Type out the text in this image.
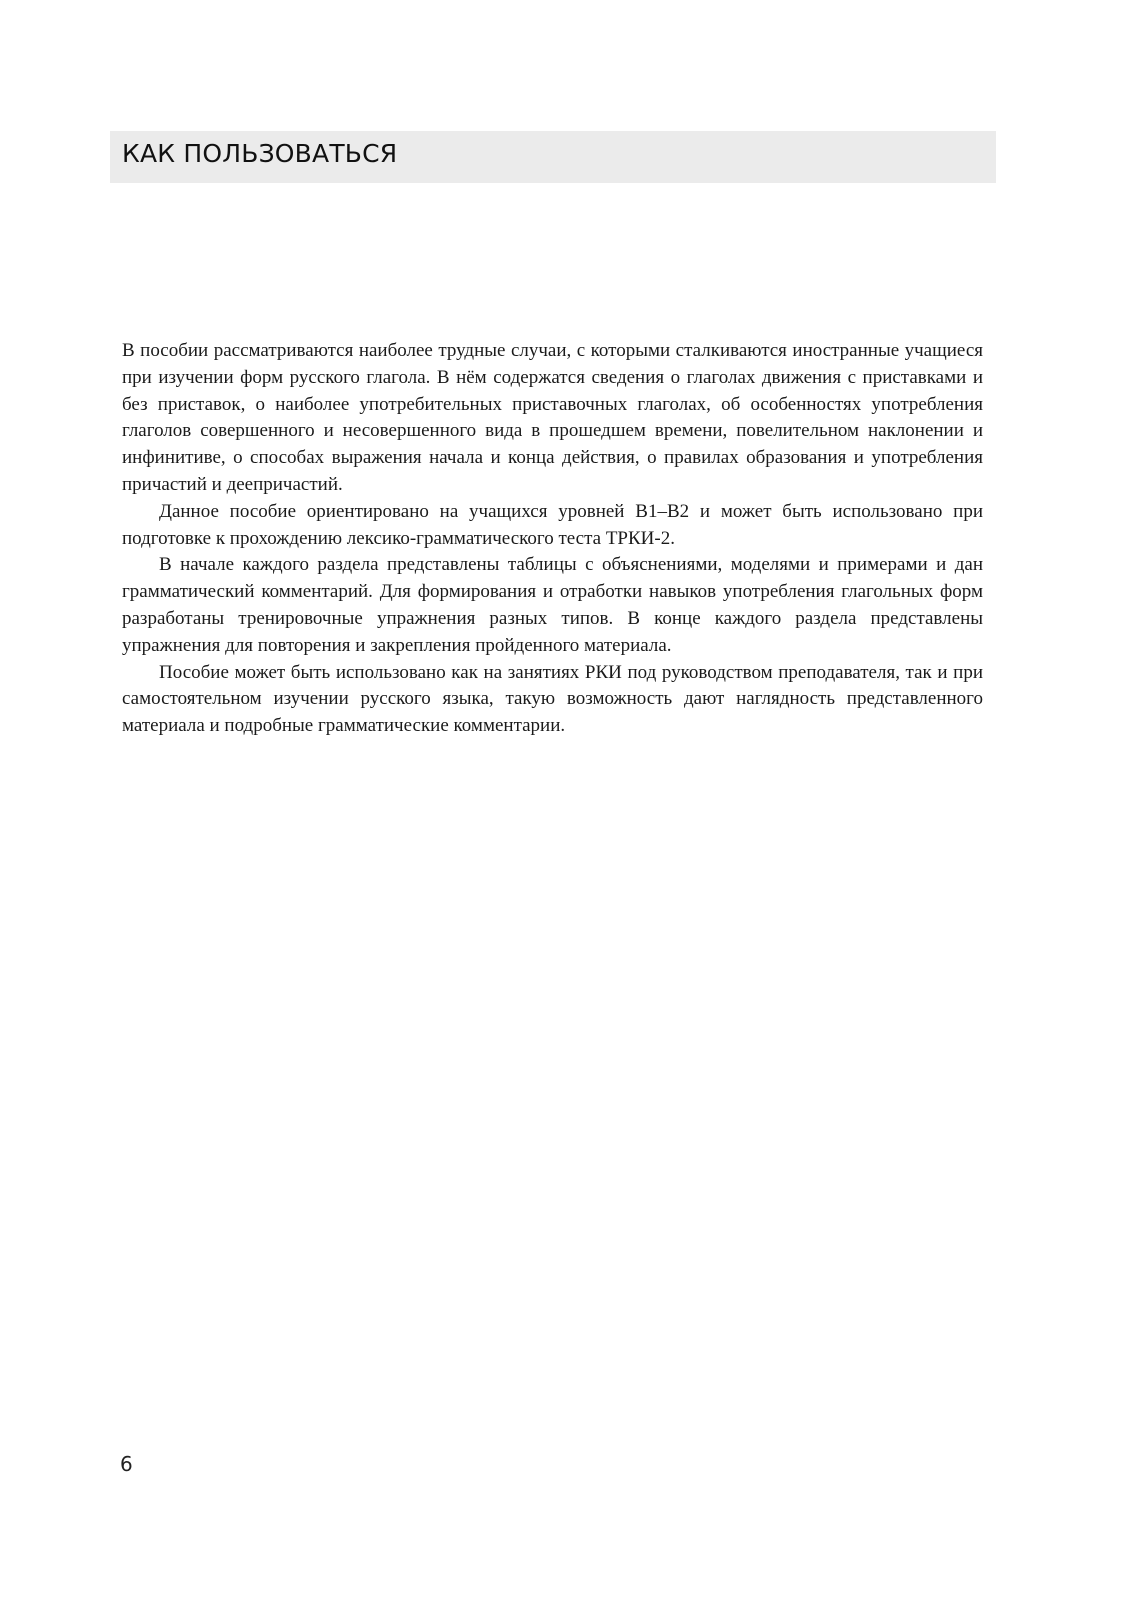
КАК ПОЛЬЗОВАТЬСЯ

В пособии рассматриваются наиболее трудные случаи, с которыми сталкиваются иностранные учащиеся при изучении форм русского глагола. В нём содержатся сведения о глаголах движения с приставками и без приставок, о наиболее употребительных приставочных глаголах, об особенностях употребления глаголов совершенного и несовершенного вида в прошедшем времени, повелительном наклонении и инфинитиве, о способах выражения начала и конца действия, о правилах образования и употребления причастий и деепричастий.

Данное пособие ориентировано на учащихся уровней В1–В2 и может быть использовано при подготовке к прохождению лексико-грамматического теста ТРКИ-2.

В начале каждого раздела представлены таблицы с объяснениями, моделями и примерами и дан грамматический комментарий. Для формирования и отработки навыков употребления глагольных форм разработаны тренировочные упражнения разных типов. В конце каждого раздела представлены упражнения для повторения и закрепления пройденного материала.

Пособие может быть использовано как на занятиях РКИ под руководством преподавателя, так и при самостоятельном изучении русского языка, такую возможность дают наглядность представленного материала и подробные грамматические комментарии.

6
